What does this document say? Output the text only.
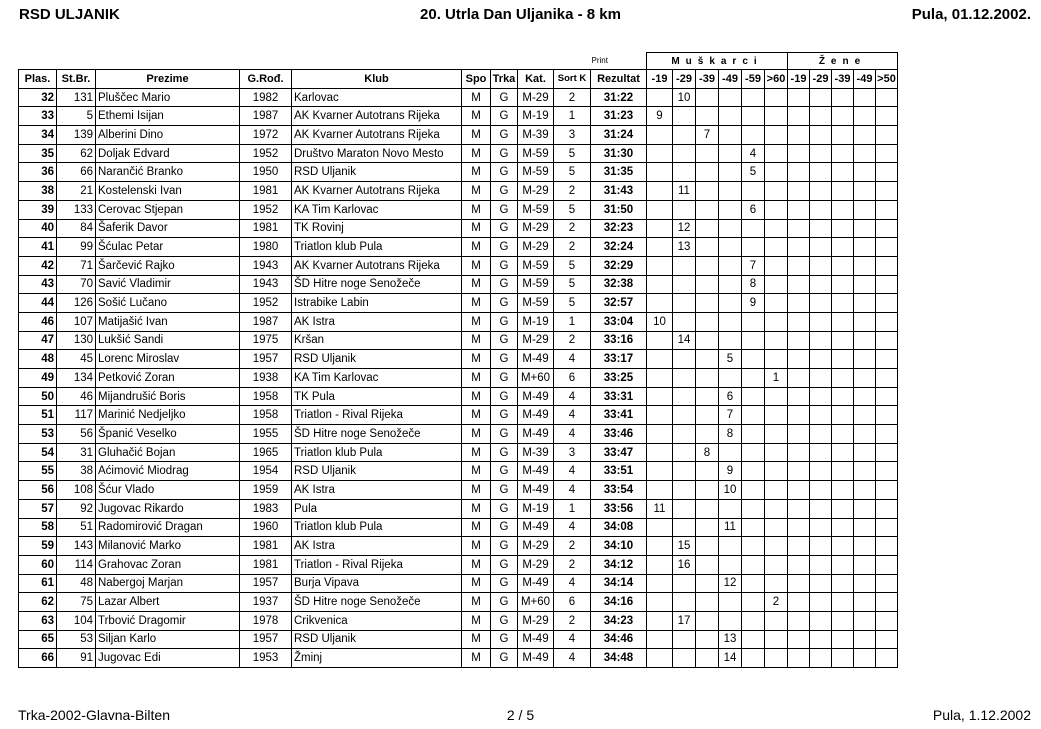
RSD ULJANIK	20. Utrla Dan Uljanika - 8 km	Pula, 01.12.2002.
								Print		Muškarci						Žene				
Plas.	St.Br.	Prezime	G.Rođ.	Klub	Spo	Trka	Kat.	Sort K	Rezultat	-19	-29	-39	-49	-59	>60	-19	-29	-39	-49	>50
32	131	Pluščec Mario	1982	Karlovac	M	G	M-29	2	31:22		10									
33	5	Ethemi Isijan	1987	AK Kvarner Autotrans Rijeka	M	G	M-19	1	31:23	9										
34	139	Alberini Dino	1972	AK Kvarner Autotrans Rijeka	M	G	M-39	3	31:24			7								
35	62	Doljak Edvard	1952	Društvo Maraton Novo Mesto	M	G	M-59	5	31:30					4						
36	66	Narančić Branko	1950	RSD Uljanik	M	G	M-59	5	31:35					5						
38	21	Kostelenski Ivan	1981	AK Kvarner Autotrans Rijeka	M	G	M-29	2	31:43		11									
39	133	Cerovac Stjepan	1952	KA Tim Karlovac	M	G	M-59	5	31:50					6						
40	84	Šaferik Davor	1981	TK Rovinj	M	G	M-29	2	32:23		12									
41	99	Šćulac Petar	1980	Triatlon klub Pula	M	G	M-29	2	32:24		13									
42	71	Šarčević Rajko	1943	AK Kvarner Autotrans Rijeka	M	G	M-59	5	32:29					7						
43	70	Savić Vladimir	1943	ŠD Hitre noge Senožeče	M	G	M-59	5	32:38					8						
44	126	Sošić Lučano	1952	Istrabike Labin	M	G	M-59	5	32:57					9						
46	107	Matijašić Ivan	1987	AK Istra	M	G	M-19	1	33:04	10										
47	130	Lukšić Sandi	1975	Kršan	M	G	M-29	2	33:16		14									
48	45	Lorenc Miroslav	1957	RSD Uljanik	M	G	M-49	4	33:17				5							
49	134	Petković Zoran	1938	KA Tim Karlovac	M	G	M+60	6	33:25						1					
50	46	Mijandrušić Boris	1958	TK Pula	M	G	M-49	4	33:31				6							
51	117	Marinić Nedjeljko	1958	Triatlon - Rival Rijeka	M	G	M-49	4	33:41				7							
53	56	Španić Veselko	1955	ŠD Hitre noge Senožeče	M	G	M-49	4	33:46				8							
54	31	Gluhačić Bojan	1965	Triatlon klub Pula	M	G	M-39	3	33:47			8								
55	38	Aćimović Miodrag	1954	RSD Uljanik	M	G	M-49	4	33:51				9							
56	108	Šćur Vlado	1959	AK Istra	M	G	M-49	4	33:54				10							
57	92	Jugovac Rikardo	1983	Pula	M	G	M-19	1	33:56	11										
58	51	Radomirović Dragan	1960	Triatlon klub Pula	M	G	M-49	4	34:08				11							
59	143	Milanović Marko	1981	AK Istra	M	G	M-29	2	34:10		15									
60	114	Grahovac Zoran	1981	Triatlon - Rival Rijeka	M	G	M-29	2	34:12		16									
61	48	Nabergoj Marjan	1957	Burja Vipava	M	G	M-49	4	34:14				12							
62	75	Lazar Albert	1937	ŠD Hitre noge Senožeče	M	G	M+60	6	34:16						2					
63	104	Trbović Dragomir	1978	Crikvenica	M	G	M-29	2	34:23		17									
65	53	Siljan Karlo	1957	RSD Uljanik	M	G	M-49	4	34:46				13							
66	91	Jugovac Edi	1953	Žminj	M	G	M-49	4	34:48				14							
Trka-2002-Glavna-Bilten	2 / 5	Pula, 1.12.2002
